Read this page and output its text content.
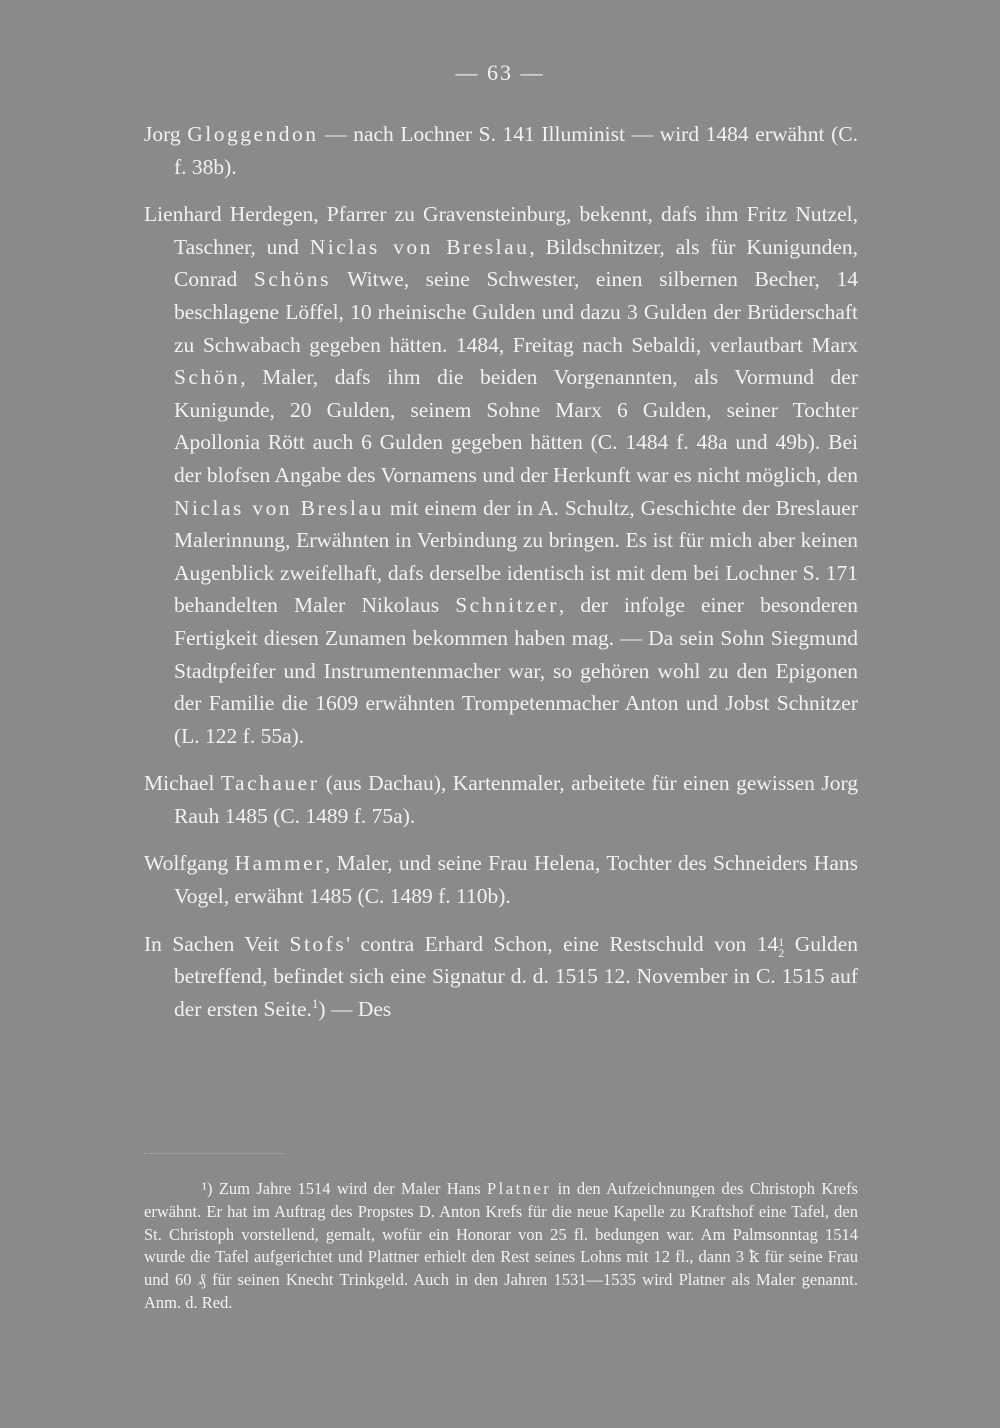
— 63 —

Jorg Gloggendon — nach Lochner S. 141 Illuminist — wird 1484 erwähnt (C. f. 38b).

Lienhard Herdegen, Pfarrer zu Gravensteinburg, bekennt, dafs ihm Fritz Nutzel, Taschner, und Niclas von Breslau, Bildschnitzer, als für Kunigunden, Conrad Schöns Witwe, seine Schwester, einen silbernen Becher, 14 beschlagene Löffel, 10 rheinische Gulden und dazu 3 Gulden der Brüderschaft zu Schwabach gegeben hätten. 1484, Freitag nach Sebaldi, verlautbart Marx Schön, Maler, dafs ihm die beiden Vorgenannten, als Vormund der Kunigunde, 20 Gulden, seinem Sohne Marx 6 Gulden, seiner Tochter Apollonia Rött auch 6 Gulden gegeben hätten (C. 1484 f. 48a und 49b). Bei der blofsen Angabe des Vornamens und der Herkunft war es nicht möglich, den Niclas von Breslau mit einem der in A. Schultz, Geschichte der Breslauer Malerinnung, Erwähnten in Verbindung zu bringen. Es ist für mich aber keinen Augenblick zweifelhaft, dafs derselbe identisch ist mit dem bei Lochner S. 171 behandelten Maler Nikolaus Schnitzer, der infolge einer besonderen Fertigkeit diesen Zunamen bekommen haben mag. — Da sein Sohn Siegmund Stadtpfeifer und Instrumentenmacher war, so gehören wohl zu den Epigonen der Familie die 1609 erwähnten Trompetenmacher Anton und Jobst Schnitzer (L. 122 f. 55a).

Michael Tachauer (aus Dachau), Kartenmaler, arbeitete für einen gewissen Jorg Rauh 1485 (C. 1489 f. 75a).

Wolfgang Hammer, Maler, und seine Frau Helena, Tochter des Schneiders Hans Vogel, erwähnt 1485 (C. 1489 f. 110b).

In Sachen Veit Stofs' contra Erhard Schon, eine Restschuld von 14 1
2 Gulden betreffend, befindet sich eine Signatur d. d. 1515 12. November in C. 1515 auf der ersten Seite.$^1$) — Des

¹) Zum Jahre 1514 wird der Maler Hans Platner in den Aufzeichnungen des Christoph Krefs erwähnt. Er hat im Auftrag des Propstes D. Anton Krefs für die neue Kapelle zu Kraftshof eine Tafel, den St. Christoph vorstellend, gemalt, wofür ein Honorar von 25 fl. bedungen war. Am Palmsonntag 1514 wurde die Tafel aufgerichtet und Plattner erhielt den Rest seines Lohns mit 12 fl., dann 3 ꝁ für seine Frau und 60 ₰ für seinen Knecht Trinkgeld. Auch in den Jahren 1531—1535 wird Platner als Maler genannt. Anm. d. Red.
